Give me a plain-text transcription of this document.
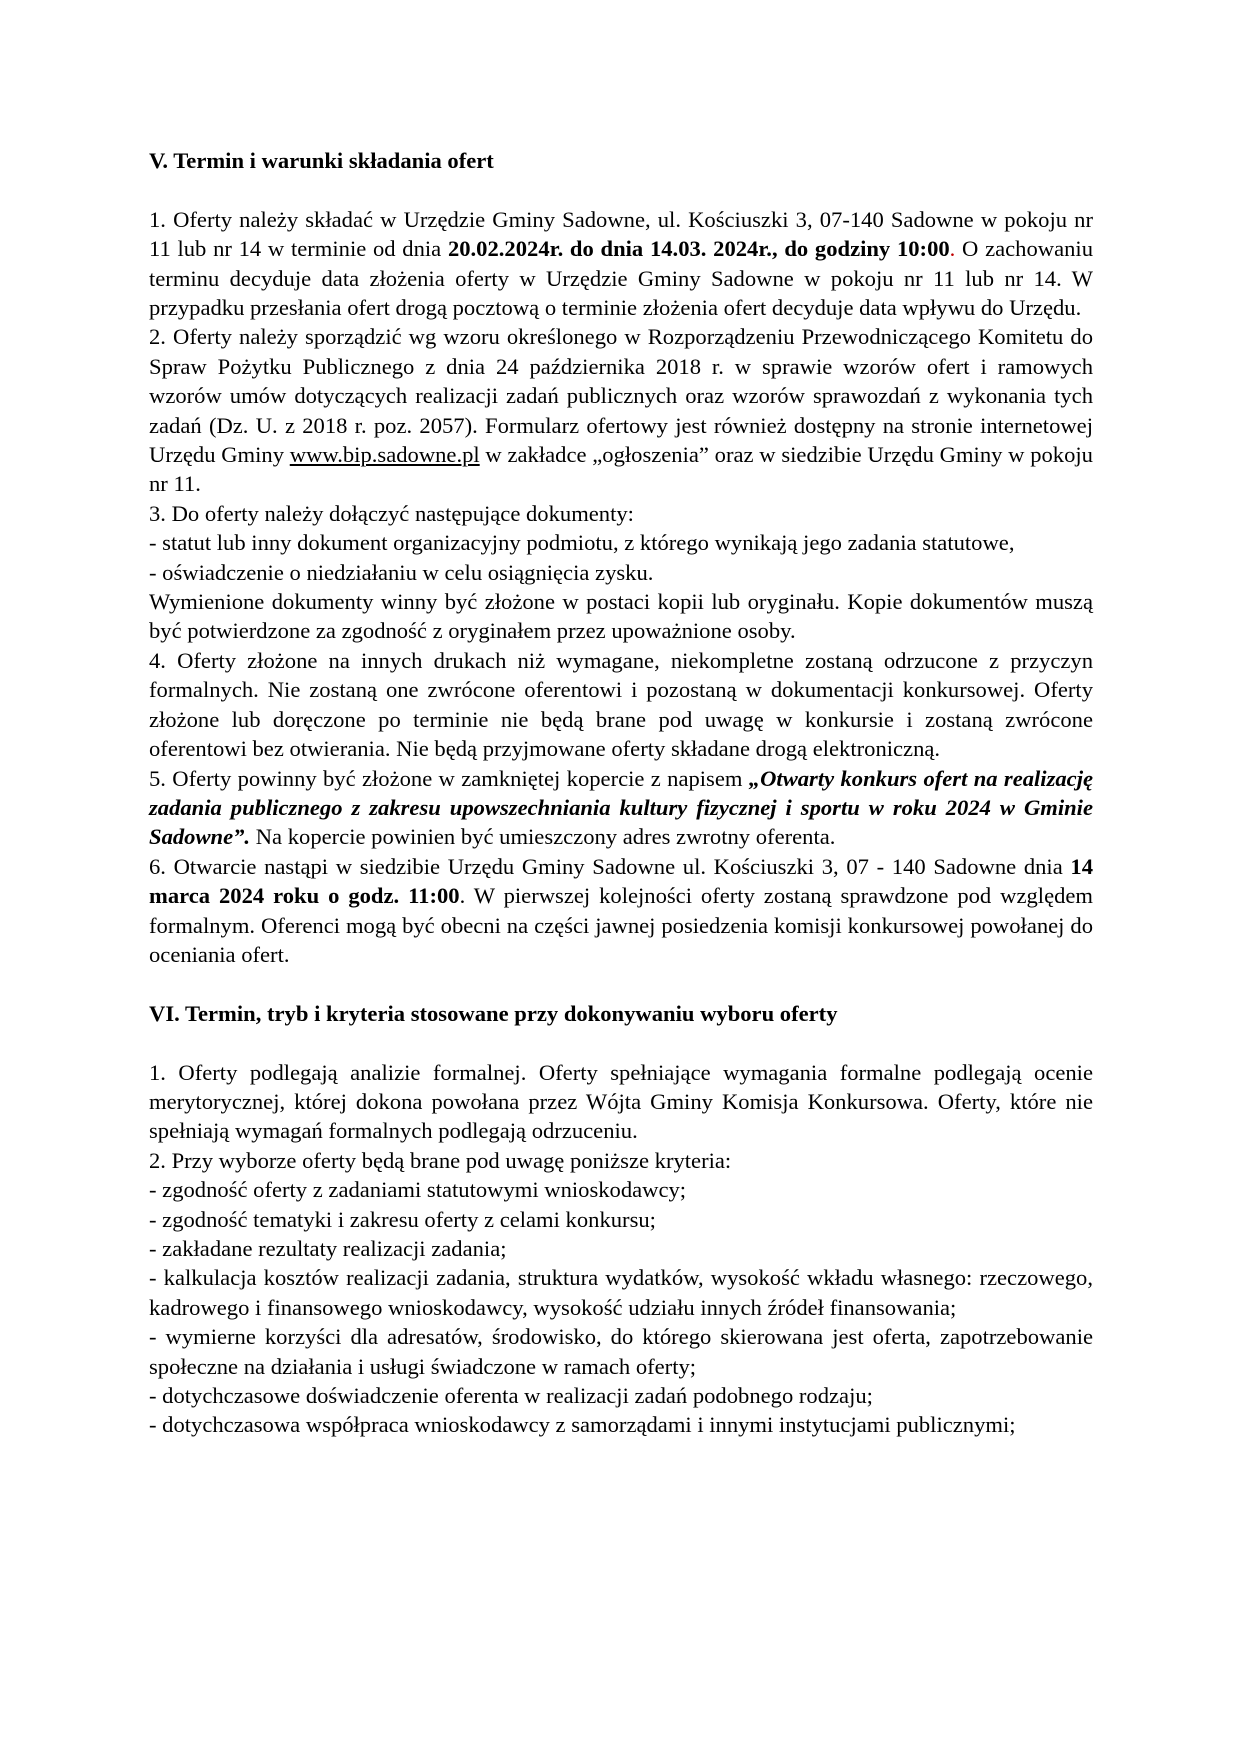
V. Termin i warunki składania ofert

1. Oferty należy składać w Urzędzie Gminy Sadowne, ul. Kościuszki 3, 07-140 Sadowne w pokoju nr 11 lub nr 14 w terminie od dnia 20.02.2024r. do dnia 14.03. 2024r., do godziny 10:00. O zachowaniu terminu decyduje data złożenia oferty w Urzędzie Gminy Sadowne w pokoju nr 11 lub nr 14. W przypadku przesłania ofert drogą pocztową o terminie złożenia ofert decyduje data wpływu do Urzędu.

2. Oferty należy sporządzić wg wzoru określonego w Rozporządzeniu Przewodniczącego Komitetu do Spraw Pożytku Publicznego z dnia 24 października 2018 r. w sprawie wzorów ofert i ramowych wzorów umów dotyczących realizacji zadań publicznych oraz wzorów sprawozdań z wykonania tych zadań (Dz. U. z 2018 r. poz. 2057). Formularz ofertowy jest również dostępny na stronie internetowej Urzędu Gminy www.bip.sadowne.pl w zakładce „ogłoszenia” oraz w siedzibie Urzędu Gminy w pokoju nr 11.

3. Do oferty należy dołączyć następujące dokumenty:

- statut lub inny dokument organizacyjny podmiotu, z którego wynikają jego zadania statutowe,

- oświadczenie o niedziałaniu w celu osiągnięcia zysku.

Wymienione dokumenty winny być złożone w postaci kopii lub oryginału. Kopie dokumentów muszą być potwierdzone za zgodność z oryginałem przez upoważnione osoby.

4. Oferty złożone na innych drukach niż wymagane, niekompletne zostaną odrzucone z przyczyn formalnych. Nie zostaną one zwrócone oferentowi i pozostaną w dokumentacji konkursowej. Oferty złożone lub doręczone po terminie nie będą brane pod uwagę w konkursie i zostaną zwrócone oferentowi bez otwierania. Nie będą przyjmowane oferty składane drogą elektroniczną.

5. Oferty powinny być złożone w zamkniętej kopercie z napisem „Otwarty konkurs ofert na realizację zadania publicznego z zakresu upowszechniania kultury fizycznej i sportu w roku 2024 w Gminie Sadowne”. Na kopercie powinien być umieszczony adres zwrotny oferenta.

6. Otwarcie nastąpi w siedzibie Urzędu Gminy Sadowne ul. Kościuszki 3, 07 - 140 Sadowne dnia 14 marca 2024 roku o godz. 11:00. W pierwszej kolejności oferty zostaną sprawdzone pod względem formalnym. Oferenci mogą być obecni na części jawnej posiedzenia komisji konkursowej powołanej do oceniania ofert.

VI. Termin, tryb i kryteria stosowane przy dokonywaniu wyboru oferty

1. Oferty podlegają analizie formalnej. Oferty spełniające wymagania formalne podlegają ocenie merytorycznej, której dokona powołana przez Wójta Gminy Komisja Konkursowa. Oferty, które nie spełniają wymagań formalnych podlegają odrzuceniu.

2. Przy wyborze oferty będą brane pod uwagę poniższe kryteria:

- zgodność oferty z zadaniami statutowymi wnioskodawcy;

- zgodność tematyki i zakresu oferty z celami konkursu;

- zakładane rezultaty realizacji zadania;

- kalkulacja kosztów realizacji zadania, struktura wydatków, wysokość wkładu własnego: rzeczowego, kadrowego i finansowego wnioskodawcy, wysokość udziału innych źródeł finansowania;

- wymierne korzyści dla adresatów, środowisko, do którego skierowana jest oferta, zapotrzebowanie społeczne na działania i usługi świadczone w ramach oferty;

- dotychczasowe doświadczenie oferenta w realizacji zadań podobnego rodzaju;

- dotychczasowa współpraca wnioskodawcy z samorządami i innymi instytucjami publicznymi;
